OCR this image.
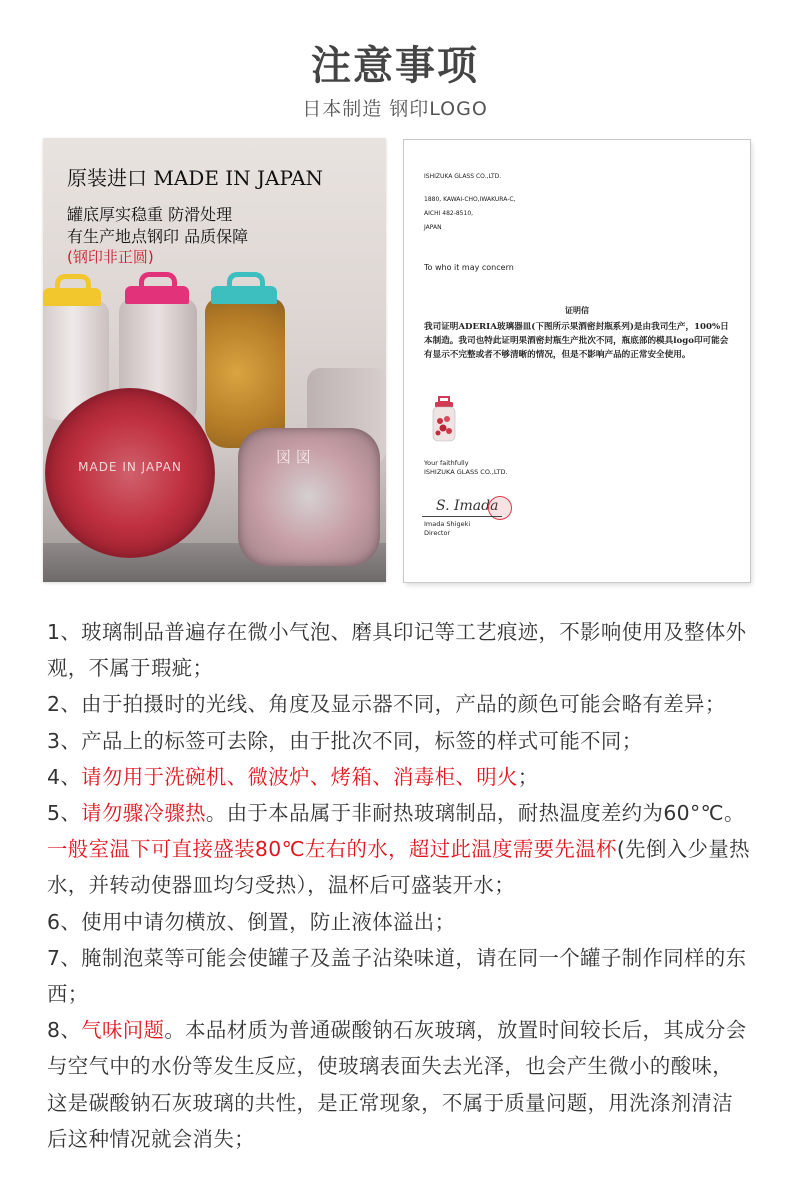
注意事项
日本制造 钢印LOGO
MADE IN JAPAN
図 図
原装进口 MADE IN JAPAN
罐底厚实稳重 防滑处理
有生产地点钢印 品质保障
(钢印非正圆)
ISHIZUKA GLASS CO.,LTD.
1880, KAWAI-CHO,IWAKURA-C,
AICHI 482-8510,
JAPAN
To who it may concern
证明信
我司证明ADERIA玻璃器皿(下图所示果酒密封瓶系列)是由我司生产，100%日本制造。我司也特此证明果酒密封瓶生产批次不同，瓶底部的模具logo印可能会有显示不完整或者不够清晰的情况，但是不影响产品的正常安全使用。
Your faithfully
ISHIZUKA GLASS CO.,LTD.
S. Imada
Imada Shigeki
Director

1、玻璃制品普遍存在微小气泡、磨具印记等工艺痕迹，不影响使用及整体外观，不属于瑕疵；

2、由于拍摄时的光线、角度及显示器不同，产品的颜色可能会略有差异；

3、产品上的标签可去除，由于批次不同，标签的样式可能不同；

4、请勿用于洗碗机、微波炉、烤箱、消毒柜、明火；

5、请勿骤冷骤热。由于本品属于非耐热玻璃制品，耐热温度差约为60°℃。一般室温下可直接盛装80℃左右的水，超过此温度需要先温杯(先倒入少量热水，并转动使器皿均匀受热），温杯后可盛装开水；

6、使用中请勿横放、倒置，防止液体溢出；

7、腌制泡菜等可能会使罐子及盖子沾染味道，请在同一个罐子制作同样的东西；

8、气味问题。本品材质为普通碳酸钠石灰玻璃，放置时间较长后，其成分会与空气中的水份等发生反应，使玻璃表面失去光泽，也会产生微小的酸味，这是碳酸钠石灰玻璃的共性，是正常现象，不属于质量问题，用洗涤剂清洁后这种情况就会消失；
